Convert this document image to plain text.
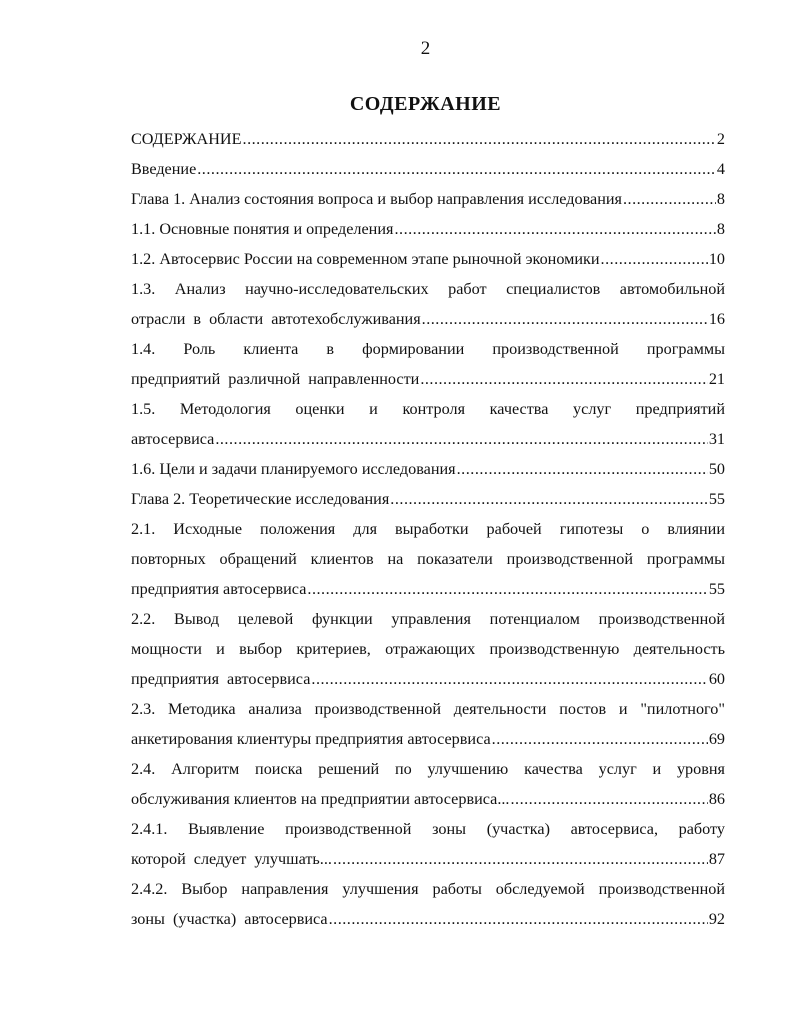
2
СОДЕРЖАНИЕ
СОДЕРЖАНИЕ .....	2
Введение .....	4
Глава 1. Анализ состояния вопроса и выбор направления исследования .....	8
1.1. Основные понятия и определения .....	8
1.2. Автосервис России на современном этапе рыночной экономики .....	10
1.3. Анализ научно-исследовательских работ специалистов автомобильной
отрасли в области автотехобслуживания .....	16
1.4. Роль клиента в формировании производственной программы
предприятий различной направленности .....	21
1.5. Методология оценки и контроля качества услуг предприятий
автосервиса .....	31
1.6. Цели и задачи планируемого исследования .....	50
Глава 2. Теоретические исследования .....	55
2.1. Исходные положения для выработки рабочей гипотезы о влиянии
повторных обращений клиентов на показатели производственной программы
предприятия автосервиса .....	55
2.2. Вывод целевой функции управления потенциалом производственной
мощности и выбор критериев, отражающих производственную деятельность
предприятия автосервиса .....	60
2.3. Методика анализа производственной деятельности постов и "пилотного"
анкетирования клиентуры предприятия автосервиса .....	69
2.4. Алгоритм поиска решений по улучшению качества услуг и уровня
обслуживания клиентов на предприятии автосервиса... .....	86
2.4.1. Выявление производственной зоны (участка) автосервиса, работу
которой следует улучшать... .....	87
2.4.2. Выбор направления улучшения работы обследуемой производственной
зоны (участка) автосервиса .....	92
